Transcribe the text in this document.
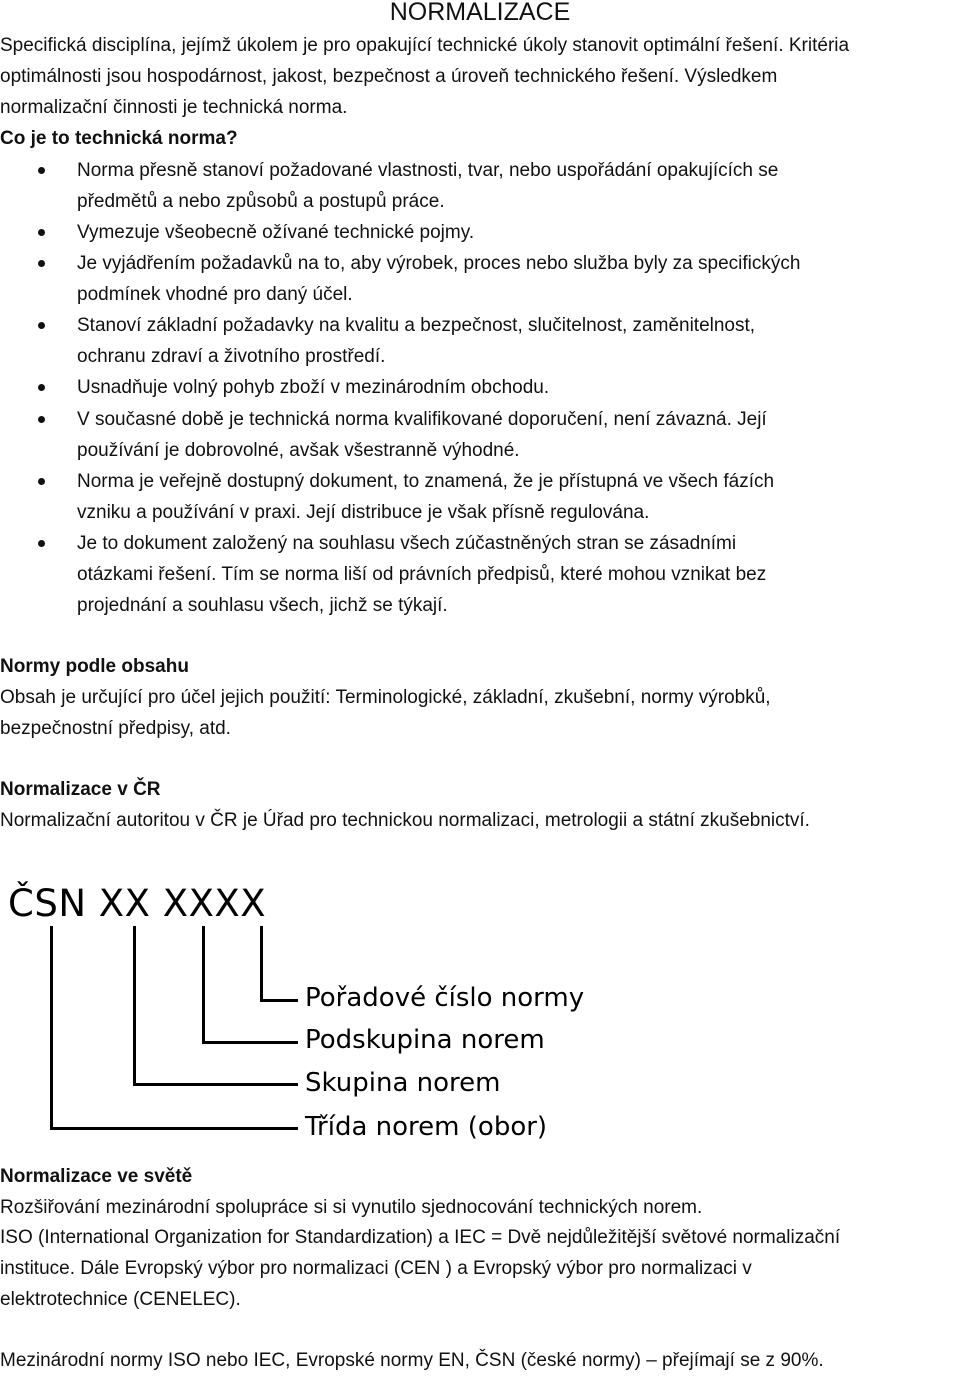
NORMALIZACE
Specifická disciplína, jejímž úkolem je pro opakující technické úkoly stanovit optimální řešení. Kritéria
optimálnosti jsou hospodárnost, jakost, bezpečnost a úroveň technického řešení. Výsledkem
normalizační činnosti je technická norma.
Co je to technická norma?
Norma přesně stanoví požadované vlastnosti, tvar, nebo uspořádání opakujících se
předmětů a nebo způsobů a postupů práce.
Vymezuje všeobecně ožívané technické pojmy.
Je vyjádřením požadavků na to, aby výrobek, proces nebo služba byly za specifických
podmínek vhodné pro daný účel.
Stanoví základní požadavky na kvalitu a bezpečnost, slučitelnost, zaměnitelnost,
ochranu zdraví a životního prostředí.
Usnadňuje volný pohyb zboží v mezinárodním obchodu.
V současné době je technická norma kvalifikované doporučení, není závazná. Její
používání je dobrovolné, avšak všestranně výhodné.
Norma je veřejně dostupný dokument, to znamená, že je přístupná ve všech fázích
vzniku a používání v praxi. Její distribuce je však přísně regulována.
Je to dokument založený na souhlasu všech zúčastněných stran se zásadními
otázkami řešení. Tím se norma liší od právních předpisů, které mohou vznikat bez
projednání a souhlasu všech, jichž se týkají.
Normy podle obsahu
Obsah je určující pro účel jejich použití: Terminologické, základní, zkušební, normy výrobků,
bezpečnostní předpisy, atd.
Normalizace v ČR
Normalizační autoritou v ČR je Úřad pro technickou normalizaci, metrologii a státní zkušebnictví.
ČSN XX XXXX
Pořadové číslo normy
Podskupina norem
Skupina norem
Třída norem (obor)
Normalizace ve světě
Rozšiřování mezinárodní spolupráce si si vynutilo sjednocování technických norem.
ISO (International Organization for Standardization) a IEC = Dvě nejdůležitější světové normalizační
instituce. Dále Evropský výbor pro normalizaci (CEN ) a Evropský výbor pro normalizaci v
elektrotechnice (CENELEC).
Mezinárodní normy ISO nebo IEC, Evropské normy EN, ČSN (české normy) – přejímají se z 90%.
